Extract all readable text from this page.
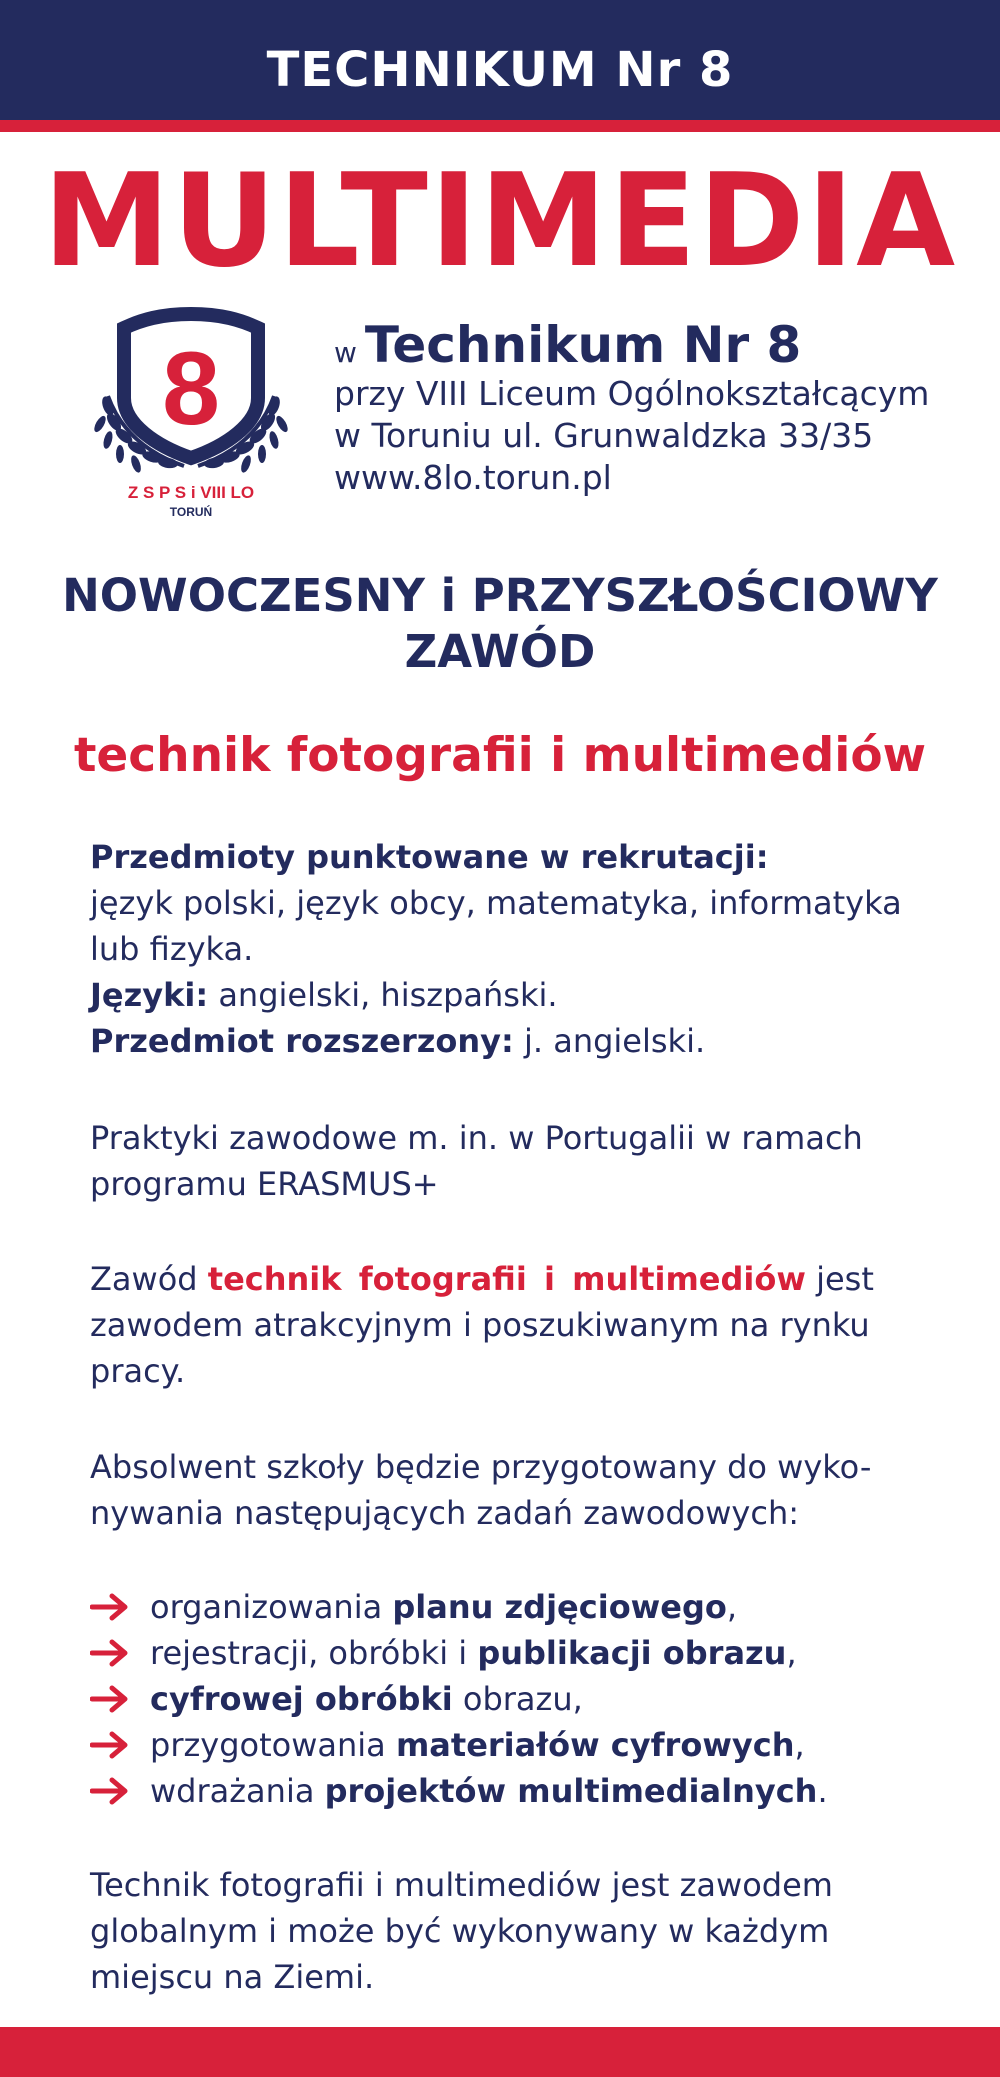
TECHNIKUM Nr 8
MULTIMEDIA
8
Z S P S i VIII LO
TORUŃ
w Technikum Nr 8
przy VIII Liceum Ogólnokształcącym
w Toruniu ul. Grunwaldzka 33/35
www.8lo.torun.pl
NOWOCZESNY i PRZYSZŁOŚCIOWY
ZAWÓD
technik fotografii i multimediów

Przedmioty punktowane w rekrutacji:

język polski, język obcy, matematyka, informatyka

lub fizyka.

Języki: angielski, hiszpański.

Przedmiot rozszerzony: j. angielski.

Praktyki zawodowe m. in. w Portugalii w ramach

programu ERASMUS+

Zawód technik fotografii i multimediów jest

zawodem atrakcyjnym i poszukiwanym na rynku

pracy.

Absolwent szkoły będzie przygotowany do wyko-

nywania następujących zadań zawodowych:

organizowania planu zdjęciowego,
rejestracji, obróbki i publikacji obrazu,
cyfrowej obróbki obrazu,
przygotowania materiałów cyfrowych,
wdrażania projektów multimedialnych.

Technik fotografii i multimediów jest zawodem

globalnym i może być wykonywany w każdym

miejscu na Ziemi.
